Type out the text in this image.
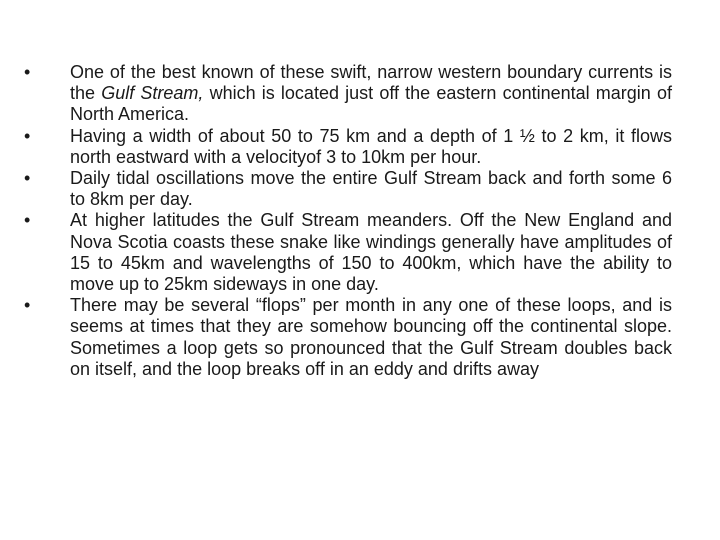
•	One of the best known of these swift, narrow western boundary currents is the Gulf Stream, which is located just off the eastern continental margin of North America.
•	Having a width of about 50 to 75 km and a depth of 1 ½ to 2 km, it flows north eastward with a velocityof 3 to 10km per hour.
•	Daily tidal oscillations move the entire Gulf Stream back and forth some 6 to 8km per day.
•	At higher latitudes the Gulf Stream meanders. Off the New England and Nova Scotia coasts these snake like windings generally have amplitudes of 15 to 45km and wavelengths of 150 to 400km, which have the ability to move up to 25km sideways in one day.
•	There may be several “flops” per month in any one of these loops, and is seems at times that they are somehow bouncing off the continental slope. Sometimes a loop gets so pronounced that the Gulf Stream doubles back on itself, and the loop breaks off in an eddy and drifts away
